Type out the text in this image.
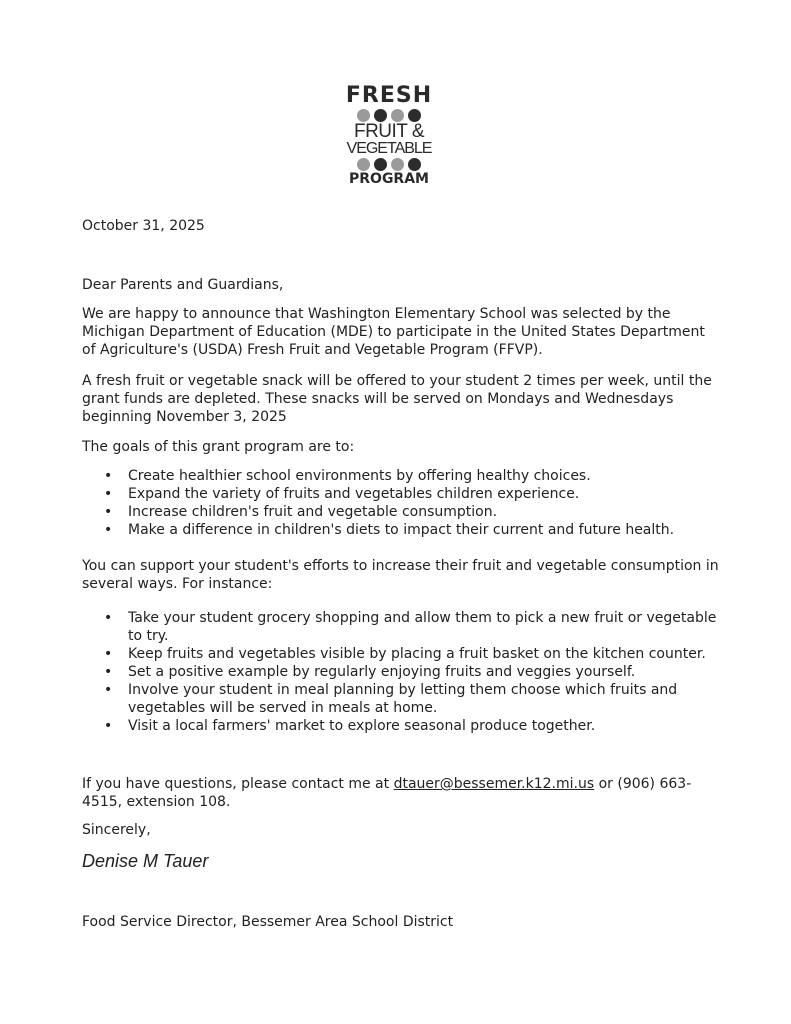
FRESH
FRUIT &
VEGETABLE
PROGRAM

October 31, 2025

Dear Parents and Guardians,

We are happy to announce that Washington Elementary School was selected by the Michigan Department of Education (MDE) to participate in the United States Department of Agriculture's (USDA) Fresh Fruit and Vegetable Program (FFVP).

A fresh fruit or vegetable snack will be offered to your student 2 times per week, until the grant funds are depleted. These snacks will be served on Mondays and Wednesdays beginning November 3, 2025

The goals of this grant program are to:

• Create healthier school environments by offering healthy choices.
• Expand the variety of fruits and vegetables children experience.
• Increase children's fruit and vegetable consumption.
• Make a difference in children's diets to impact their current and future health.

You can support your student's efforts to increase their fruit and vegetable consumption in several ways. For instance:

• Take your student grocery shopping and allow them to pick a new fruit or vegetable to try.
• Keep fruits and vegetables visible by placing a fruit basket on the kitchen counter.
• Set a positive example by regularly enjoying fruits and veggies yourself.
• Involve your student in meal planning by letting them choose which fruits and vegetables will be served in meals at home.
• Visit a local farmers' market to explore seasonal produce together.

If you have questions, please contact me at dtauer@bessemer.k12.mi.us or (906) 663-4515, extension 108.

Sincerely,

Denise M Tauer

Food Service Director, Bessemer Area School District
